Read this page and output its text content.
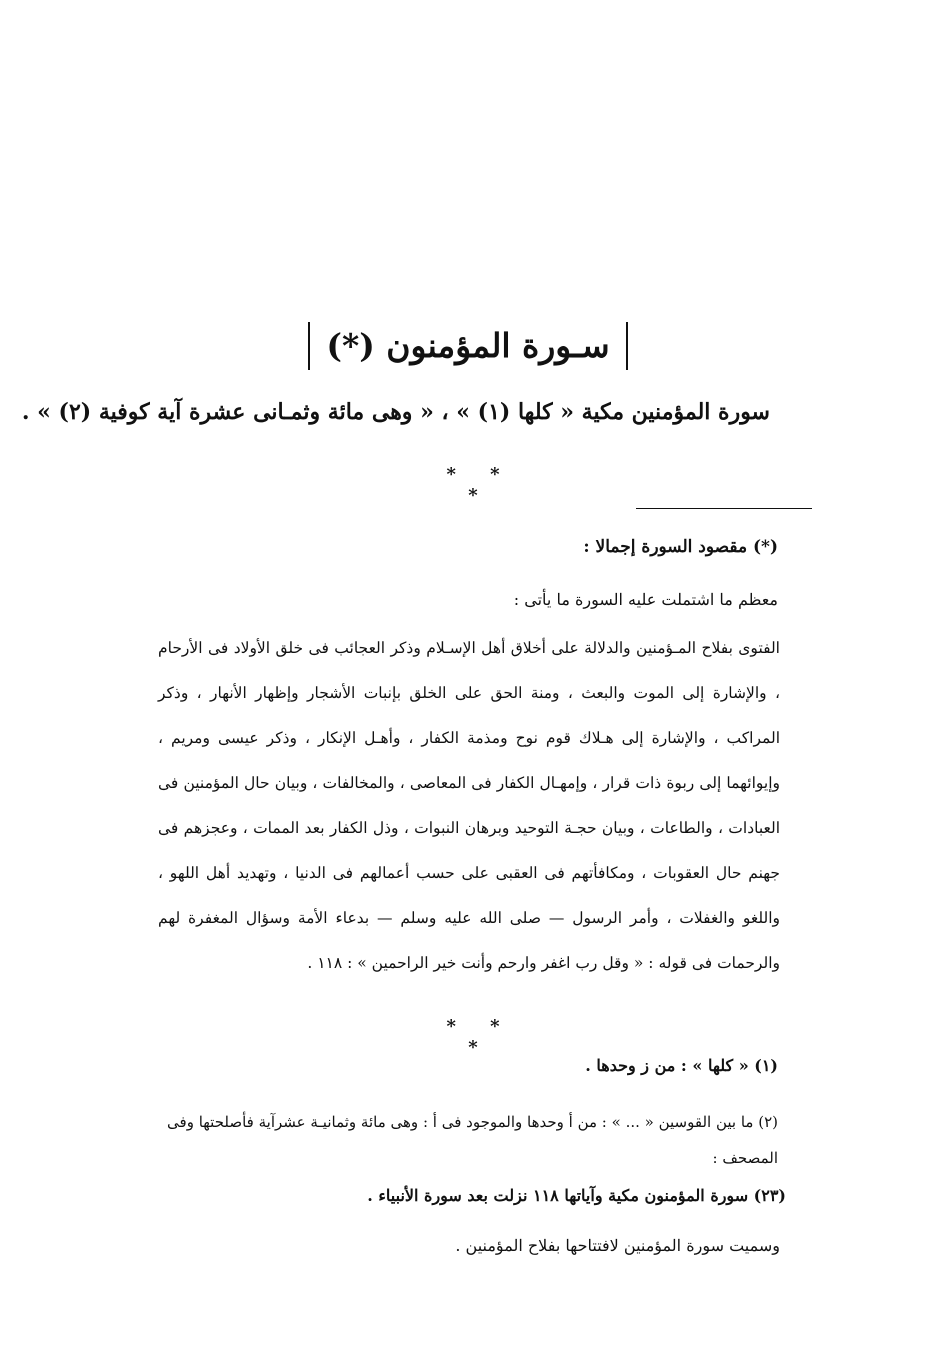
سـورة المؤمنون (*)
سورة المؤمنين مكية « كلها (١) » ، « وهى مائة وثمـانى عشرة آية كوفية (٢) » .
* * *
(*) مقصود السورة إجمالا :
معظم ما اشتملت عليه السورة ما يأتى :
الفتوى بفلاح المـؤمنين والدلالة على أخلاق أهل الإسـلام وذكر العجائب فى خلق الأولاد فى الأرحام ، والإشارة إلى الموت والبعث ، ومنة الحق على الخلق بإنبات الأشجار وإظهار الأنهار ، وذكر المراكب ، والإشارة إلى هـلاك قوم نوح ومذمة الكفار ، وأهـل الإنكار ، وذكر عيسى ومريم ، وإيوائهما إلى ربوة ذات قرار ، وإمهـال الكفار فى المعاصى ، والمخالفات ، وبيان حال المؤمنين فى العبادات ، والطاعات ، وبيان حجـة التوحيد وبرهان النبوات ، وذل الكفار بعد الممات ، وعجزهم فى جهنم حال العقوبات ، ومكافأتهم فى العقبى على حسب أعمالهم فى الدنيا ، وتهديد أهل اللهو ، واللغو والغفلات ، وأمر الرسول — صلى الله عليه وسلم — بدعاء الأمة وسؤال المغفرة لهم والرحمات فى قوله : « وقل رب اغفر وارحم وأنت خير الراحمين » : ١١٨ .
* * *
(١) « كلها » : من ز وحدها .
(٢) ما بين القوسين « ... » : من أ وحدها والموجود فى أ : وهى مائة وثمانيـة عشرآية فأصلحتها وفى المصحف :
(٢٣) سورة المؤمنون مكية وآياتها ١١٨ نزلت بعد سورة الأنبياء .
وسميت سورة المؤمنين لافتتاحها بفلاح المؤمنين .
